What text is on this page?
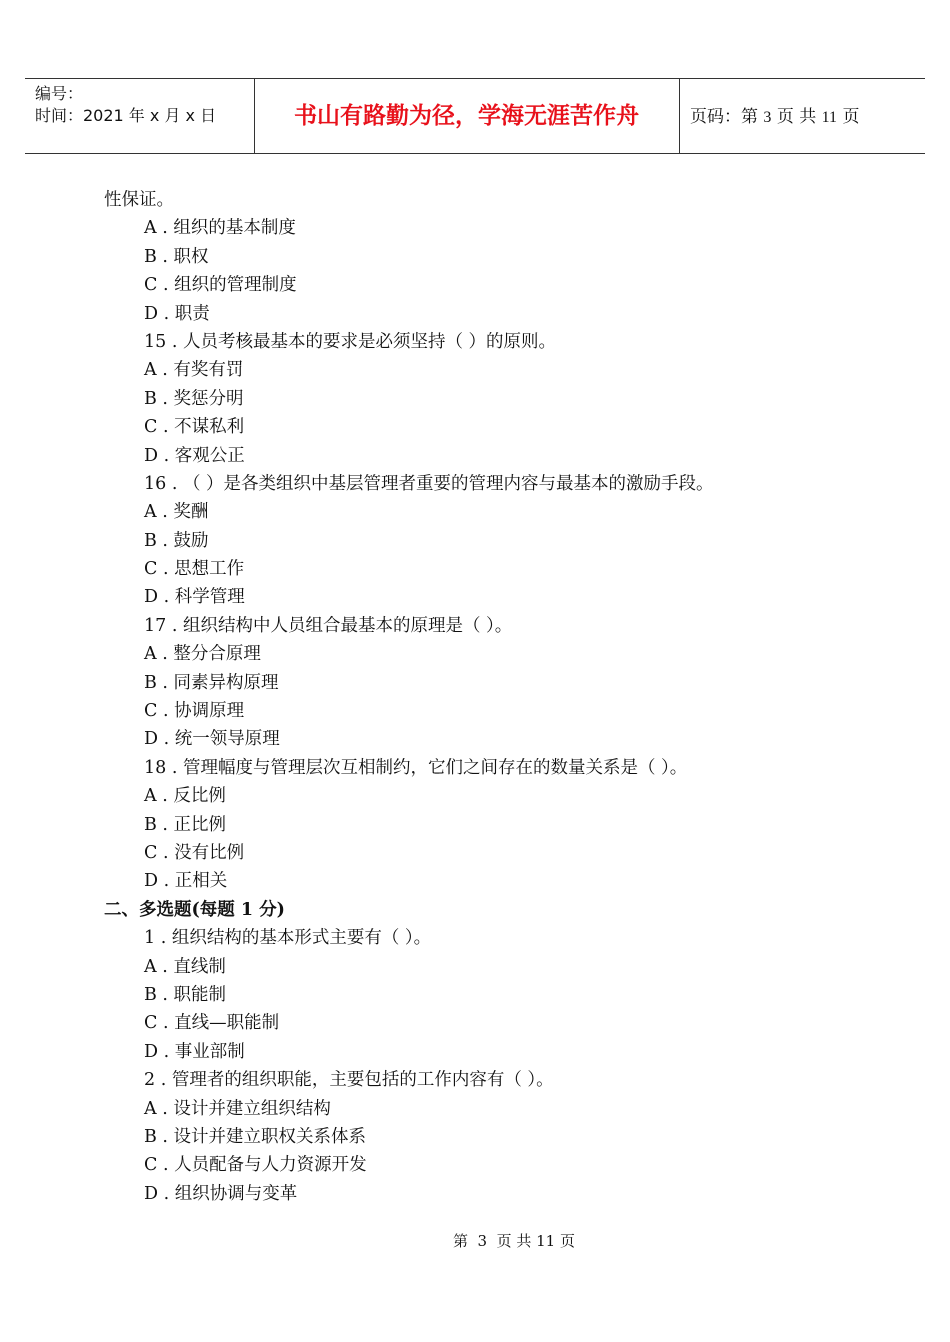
编号：
时间：2021 年 x 月 x 日	书山有路勤为径，学海无涯苦作舟	页码：第 3 页 共 11 页
性保证。
A . 组织的基本制度
B . 职权
C . 组织的管理制度
D . 职责
15 . 人员考核最基本的要求是必须坚持（ ）的原则。
A . 有奖有罚
B . 奖惩分明
C . 不谋私利
D . 客观公正
16 . （ ）是各类组织中基层管理者重要的管理内容与最基本的激励手段。
A . 奖酬
B . 鼓励
C . 思想工作
D . 科学管理
17 . 组织结构中人员组合最基本的原理是（ ）。
A . 整分合原理
B . 同素异构原理
C . 协调原理
D . 统一领导原理
18 . 管理幅度与管理层次互相制约，它们之间存在的数量关系是（ ）。
A . 反比例
B . 正比例
C . 没有比例
D . 正相关
二、多选题(每题 1 分)
1 . 组织结构的基本形式主要有（ ）。
A . 直线制
B . 职能制
C . 直线—职能制
D . 事业部制
2 . 管理者的组织职能，主要包括的工作内容有（ ）。
A . 设计并建立组织结构
B . 设计并建立职权关系体系
C . 人员配备与人力资源开发
D . 组织协调与变革
第  3  页 共 11 页
